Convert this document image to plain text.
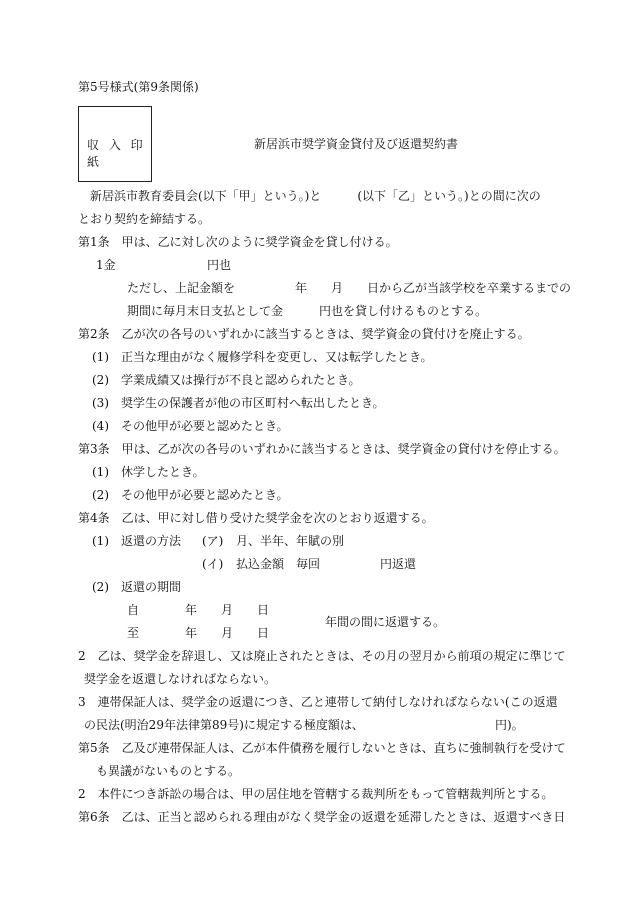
第5号様式(第9条関係)
収 入 印 紙
新居浜市奨学資金貸付及び返還契約書
新居浜市教育委員会(以下「甲」という。)と　　　(以下「乙」という。)との間に次の
とおり契約を締結する。
第1条　甲は、乙に対し次のように奨学資金を貸し付ける。
1金	円也
ただし、上記金額を　　　　　年　　月　　日から乙が当該学校を卒業するまでの
期間に毎月末日支払として金　　　円也を貸し付けるものとする。
第2条　乙が次の各号のいずれかに該当するときは、奨学資金の貸付けを廃止する。
(1) 正当な理由がなく履修学科を変更し、又は転学したとき。
(2) 学業成績又は操行が不良と認められたとき。
(3) 奨学生の保護者が他の市区町村へ転出したとき。
(4) その他甲が必要と認めたとき。
第3条　甲は、乙が次の各号のいずれかに該当するときは、奨学資金の貸付けを停止する。
(1) 休学したとき。
(2) その他甲が必要と認めたとき。
第4条　乙は、甲に対し借り受けた奨学金を次のとおり返還する。
(1) 返還の方法 (ア) 月、半年、年賦の別
(イ) 払込金額　毎回　　　　　円返還
(2) 返還の期間
自	年　　月　　日
年間の間に返還する。
至	年　　月　　日
2　乙は、奨学金を辞退し、又は廃止されたときは、その月の翌月から前項の規定に準じて
奨学金を返還しなければならない。
3　連帯保証人は、奨学金の返還につき、乙と連帯して納付しなければならない(この返還
の民法(明治29年法律第89号)に規定する極度額は、	円)。
第5条　乙及び連帯保証人は、乙が本件債務を履行しないときは、直ちに強制執行を受けて
も異議がないものとする。
2　本件につき訴訟の場合は、甲の居住地を管轄する裁判所をもって管轄裁判所とする。
第6条　乙は、正当と認められる理由がなく奨学金の返還を延滞したときは、返還すべき日
